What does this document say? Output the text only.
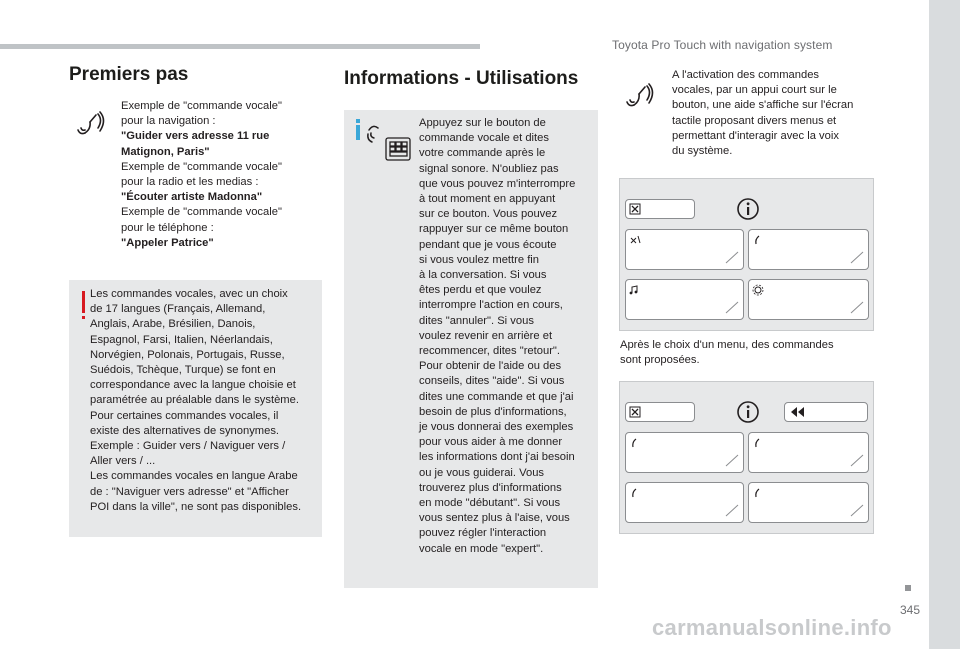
Toyota Pro Touch with navigation system
Premiers pas
Exemple de "commande vocale"
pour la navigation :
"Guider vers adresse 11 rue
Matignon, Paris"
Exemple de "commande vocale"
pour la radio et les medias :
"Écouter artiste Madonna"
Exemple de "commande vocale"
pour le téléphone :
"Appeler Patrice"
Les commandes vocales, avec un choix
de 17 langues (Français, Allemand,
Anglais, Arabe, Brésilien, Danois,
Espagnol, Farsi, Italien, Néerlandais,
Norvégien, Polonais, Portugais, Russe,
Suédois, Tchèque, Turque) se font en
correspondance avec la langue choisie et
paramétrée au préalable dans le système.
Pour certaines commandes vocales, il
existe des alternatives de synonymes.
Exemple : Guider vers / Naviguer vers /
Aller vers / ...
Les commandes vocales en langue Arabe
de : "Naviguer vers adresse" et "Afficher
POI dans la ville", ne sont pas disponibles.
Informations - Utilisations
Appuyez sur le bouton de
commande vocale et dites
votre commande après le
signal sonore. N'oubliez pas
que vous pouvez m'interrompre
à tout moment en appuyant
sur ce bouton. Vous pouvez
rappuyer sur ce même bouton
pendant que je vous écoute
si vous voulez mettre fin
à la conversation. Si vous
êtes perdu et que voulez
interrompre l'action en cours,
dites "annuler". Si vous
voulez revenir en arrière et
recommencer, dites "retour".
Pour obtenir de l'aide ou des
conseils, dites "aide". Si vous
dites une commande et que j'ai
besoin de plus d'informations,
je vous donnerai des exemples
pour vous aider à me donner
les informations dont j'ai besoin
ou je vous guiderai. Vous
trouverez plus d'informations
en mode "débutant". Si vous
vous sentez plus à l'aise, vous
pouvez régler l'interaction
vocale en mode "expert".
A l'activation des commandes
vocales, par un appui court sur le
bouton, une aide s'affiche sur l'écran
tactile proposant divers menus et
permettant d'interagir avec la voix
du système.
Après le choix d'un menu, des commandes
sont proposées.
345
carmanualsonline.info
